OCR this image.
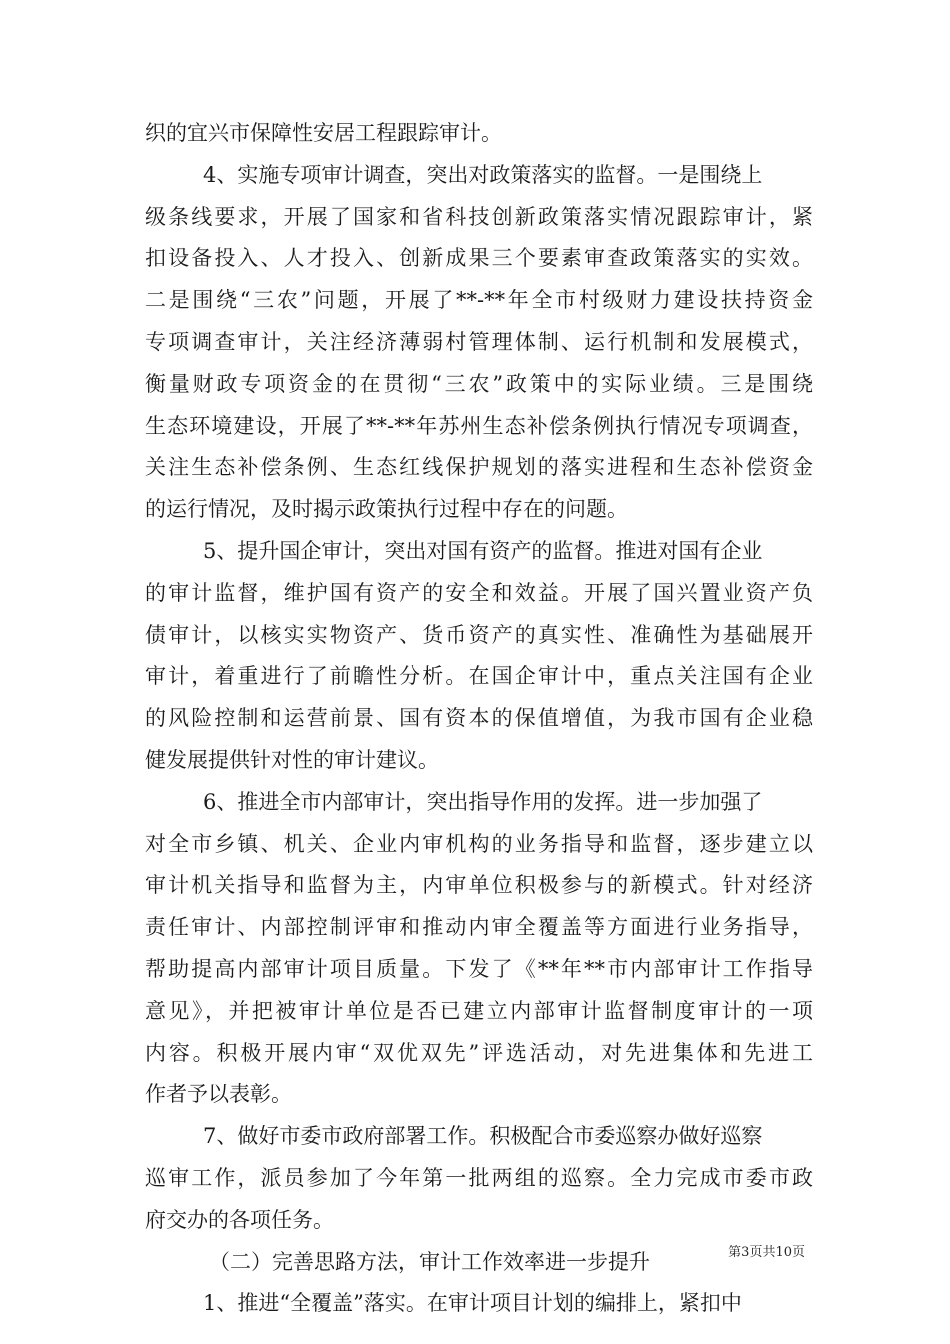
织的宜兴市保障性安居工程跟踪审计。
4、实施专项审计调查，突出对政策落实的监督。一是围绕上
级条线要求，开展了国家和省科技创新政策落实情况跟踪审计，紧
扣设备投入、人才投入、创新成果三个要素审查政策落实的实效。
二是围绕“三农”问题，开展了**-**年全市村级财力建设扶持资金
专项调查审计，关注经济薄弱村管理体制、运行机制和发展模式，
衡量财政专项资金的在贯彻“三农”政策中的实际业绩。三是围绕
生态环境建设，开展了**-**年苏州生态补偿条例执行情况专项调查，
关注生态补偿条例、生态红线保护规划的落实进程和生态补偿资金
的运行情况，及时揭示政策执行过程中存在的问题。
5、提升国企审计，突出对国有资产的监督。推进对国有企业
的审计监督，维护国有资产的安全和效益。开展了国兴置业资产负
债审计，以核实实物资产、货币资产的真实性、准确性为基础展开
审计，着重进行了前瞻性分析。在国企审计中，重点关注国有企业
的风险控制和运营前景、国有资本的保值增值，为我市国有企业稳
健发展提供针对性的审计建议。
6、推进全市内部审计，突出指导作用的发挥。进一步加强了
对全市乡镇、机关、企业内审机构的业务指导和监督，逐步建立以
审计机关指导和监督为主，内审单位积极参与的新模式。针对经济
责任审计、内部控制评审和推动内审全覆盖等方面进行业务指导，
帮助提高内部审计项目质量。下发了《**年**市内部审计工作指导
意见》，并把被审计单位是否已建立内部审计监督制度审计的一项
内容。积极开展内审“双优双先”评选活动，对先进集体和先进工
作者予以表彰。
7、做好市委市政府部署工作。积极配合市委巡察办做好巡察
巡审工作，派员参加了今年第一批两组的巡察。全力完成市委市政
府交办的各项任务。
（二）完善思路方法，审计工作效率进一步提升
1、推进“全覆盖”落实。在审计项目计划的编排上，紧扣中
第3页共10页
